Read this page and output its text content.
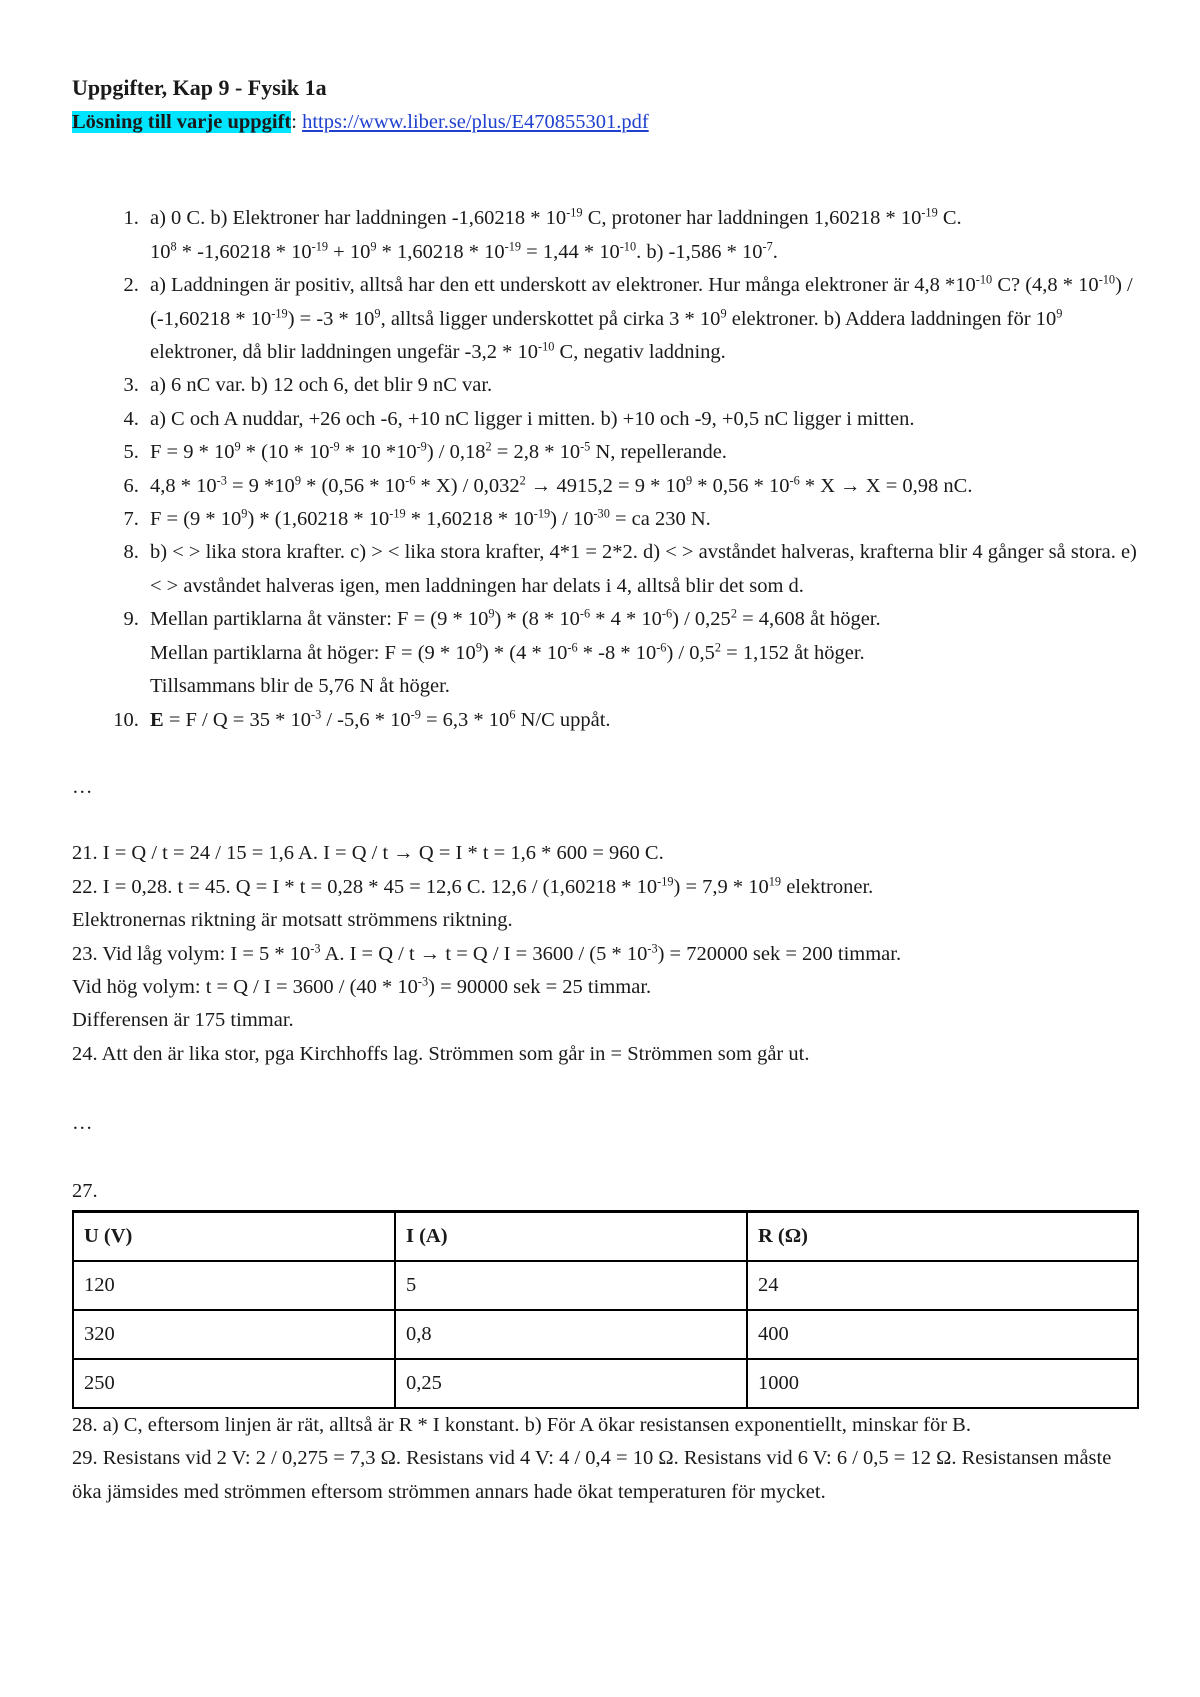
Uppgifter, Kap 9 - Fysik 1a
Lösning till varje uppgift: https://www.liber.se/plus/E470855301.pdf
1. a) 0 C. b) Elektroner har laddningen $-1,60218 * 10^{-19}$ C, protoner har laddningen $1,60218 * 10^{-19}$ C.
$10^8 * -1,60218 * 10^{-19} + 10^9 * 1,60218 * 10^{-19} = 1,44 * 10^{-10}$. b) $-1,586 * 10^{-7}$.
2. a) Laddningen är positiv, alltså har den ett underskott av elektroner. Hur många elektroner är 4,8 $*10^{-10}$ C? $(4,8 * 10^{-10}) / (-1,60218 * 10^{-19}) = -3 * 10^9$, alltså ligger underskottet på cirka $3 * 10^9$ elektroner. b) Addera laddningen för $10^9$ elektroner, då blir laddningen ungefär $-3,2 * 10^{-10}$ C, negativ laddning.
3. a) 6 nC var. b) 12 och 6, det blir 9 nC var.
4. a) C och A nuddar, +26 och -6, +10 nC ligger i mitten. b) +10 och -9, +0,5 nC ligger i mitten.
5. $F = 9 * 10^9 * (10 * 10^{-9} * 10$ $*10^{-9}) / 0,18^2 = 2,8 * 10^{-5}$ N, repellerande.
6. $4,8 * 10^{-3} = 9$ $*10^9 * (0,56 * 10^{-6} * X) / 0,032^2 \to 4915,2 = 9 * 10^9 * 0,56 * 10^{-6} * X \to X = 0,98$ nC.
7. $F = (9 * 10^9) * (1,60218 * 10^{-19} * 1,60218 * 10^{-19}) / 10^{-30}$ = ca 230 N.
8. b) < > lika stora krafter. c) > < lika stora krafter, 4*1 = 2*2. d) < > avståndet halveras, krafterna blir 4 gånger så stora. e) < > avståndet halveras igen, men laddningen har delats i 4, alltså blir det som d.
9. Mellan partiklarna åt vänster: $F = (9 * 10^9) * (8 * 10^{-6} * 4 * 10^{-6}) / 0,25^2 = 4,608$ åt höger.
Mellan partiklarna åt höger: $F = (9 * 10^9) * (4 * 10^{-6} * -8 * 10^{-6}) / 0,5^2 = 1,152$ åt höger.
Tillsammans blir de 5,76 N åt höger.
10. $E = F / Q = 35 * 10^{-3} / -5,6 * 10^{-9} = 6,3 * 10^6$ N/C uppåt.
…

21. I = Q / t = 24 / 15 = 1,6 A. I = Q / t → Q = I * t = 1,6 * 600 = 960 C.

22. I = 0,28. t = 45. Q = I * t = 0,28 * 45 = 12,6 C. $12,6 / (1,60218 * 10^{-19}) = 7,9 * 10^{19}$ elektroner.

Elektronernas riktning är motsatt strömmens riktning.

23. Vid låg volym: $I = 5 * 10^{-3}$ A. $I = Q / t \to t = Q / I = 3600 / (5 * 10^{-3}) = 720000$ sek = 200 timmar.

Vid hög volym: $t = Q / I = 3600 / (40 * 10^{-3}) = 90000$ sek = 25 timmar.

Differensen är 175 timmar.

24. Att den är lika stor, pga Kirchhoffs lag. Strömmen som går in = Strömmen som går ut.

…

27.

U (V)	I (A)	R (Ω)
120	5	24
320	0,8	400
250	0,25	1000

28. a) C, eftersom linjen är rät, alltså är R * I konstant. b) För A ökar resistansen exponentiellt, minskar för B.

29. Resistans vid 2 V: 2 / 0,275 = 7,3 Ω. Resistans vid 4 V: 4 / 0,4 = 10 Ω. Resistans vid 6 V: 6 / 0,5 = 12 Ω. Resistansen måste öka jämsides med strömmen eftersom strömmen annars hade ökat temperaturen för mycket.
